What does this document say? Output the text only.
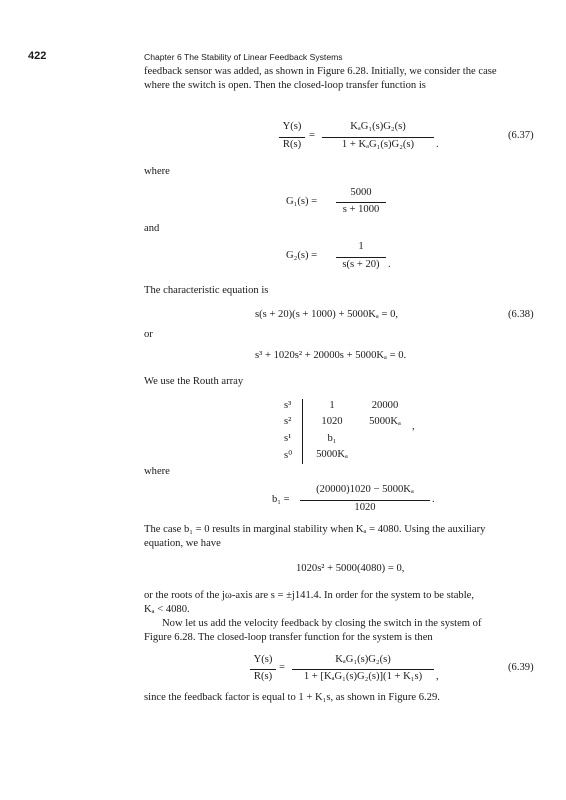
422	Chapter 6 The Stability of Linear Feedback Systems
feedback sensor was added, as shown in Figure 6.28. Initially, we consider the case
where the switch is open. Then the closed-loop transfer function is
Y(s)
R(s)
=
KₐG₁(s)G₂(s)
1 + KₐG₁(s)G₂(s)	.
(6.37)
where
G₁(s) =
5000
s + 1000
and
G₂(s) =
1
s(s + 20) .
The characteristic equation is
s(s + 20)(s + 1000) + 5000Kₐ = 0,	(6.38)
or
s³ + 1020s² + 20000s + 5000Kₐ = 0.
We use the Routh array
s³	1	20000
s²	1020	5000Kₐ	,
s¹	b₁
s⁰	5000Kₐ
where
b₁ =
(20000)1020 − 5000Kₐ
1020
.
The case b₁ = 0 results in marginal stability when Kₐ = 4080. Using the auxiliary
equation, we have
1020s² + 5000(4080) = 0,
or the roots of the jω-axis are s = ±j141.4. In order for the system to be stable,
Kₐ < 4080.
Now let us add the velocity feedback by closing the switch in the system of
Figure 6.28. The closed-loop transfer function for the system is then
Y(s)
R(s)
=
KₐG₁(s)G₂(s)
1 + [KₐG₁(s)G₂(s)](1 + K₁s)	,
(6.39)
since the feedback factor is equal to 1 + K₁s, as shown in Figure 6.29.
